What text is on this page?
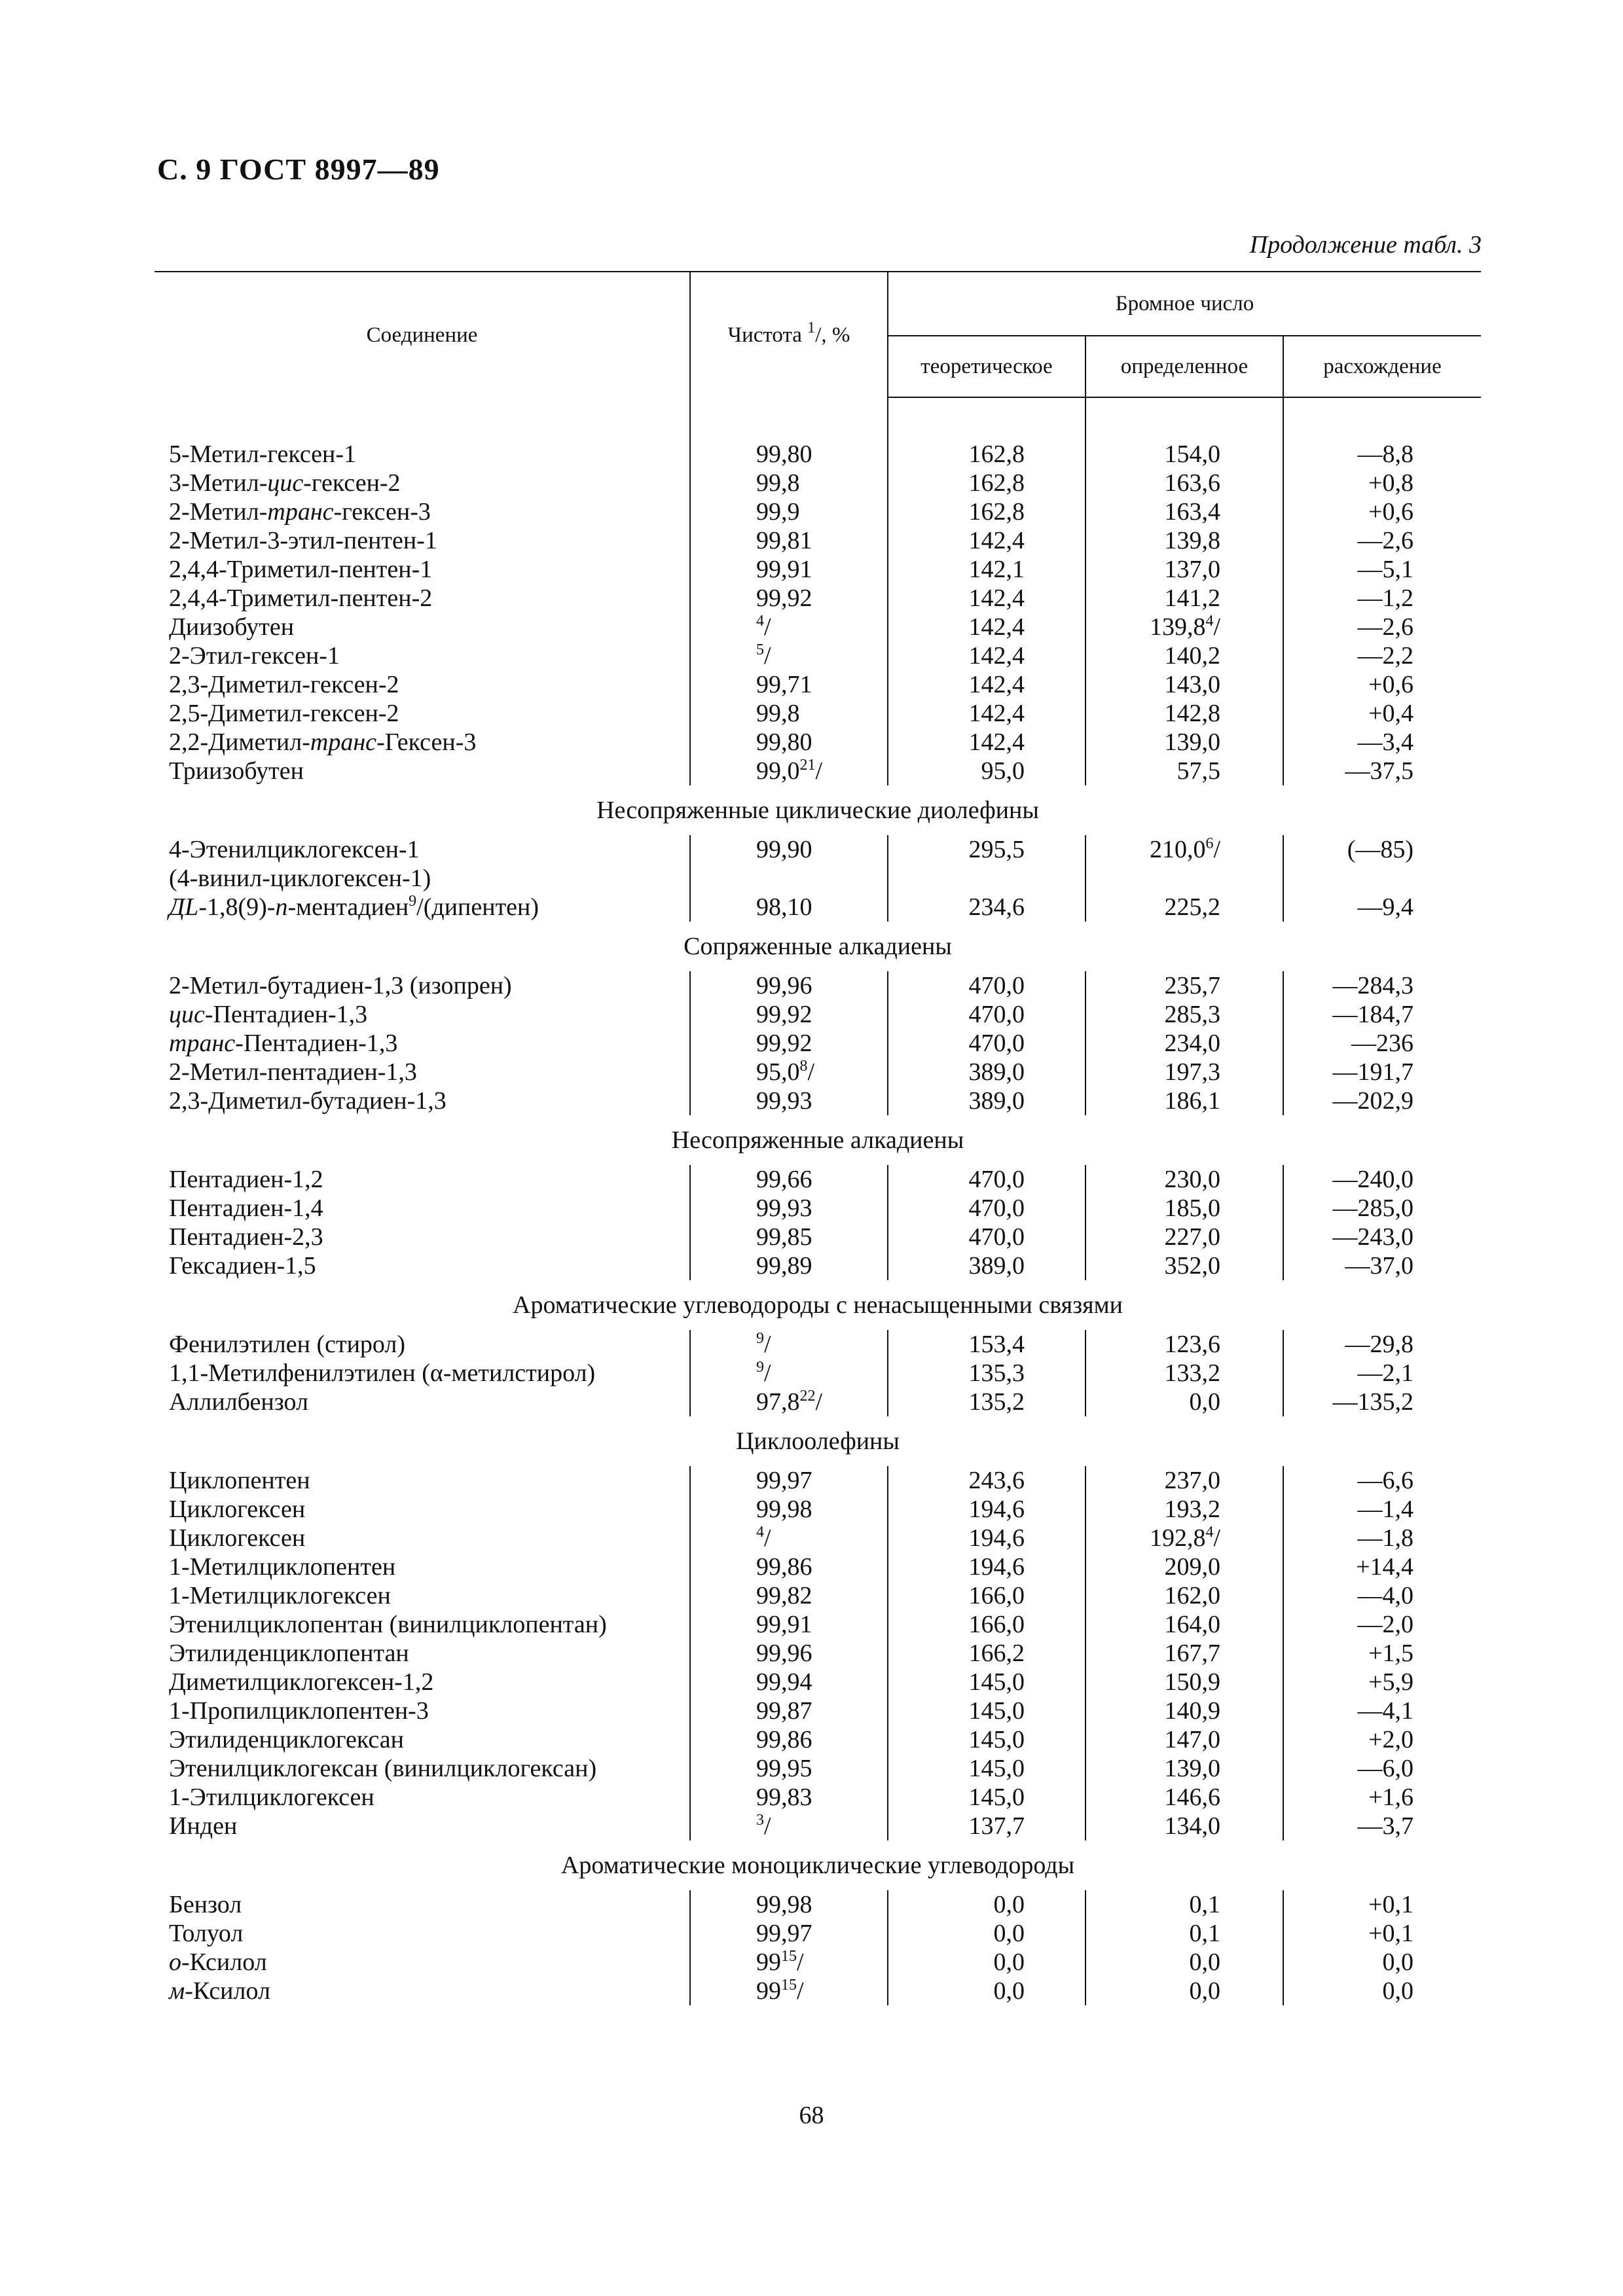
С. 9 ГОСТ 8997—89
Продолжение табл. 3
Соединение	Чистота $^1$/, %	Бромное число		
		теоретическое	определенное	расхождение

5-Метил-гексен-1	99,80	162,8	154,0	—8,8
3-Метил-цис-гексен-2	99,8	162,8	163,6	+0,8
2-Метил-транс-гексен-3	99,9	162,8	163,4	+0,6
2-Метил-3-этил-пентен-1	99,81	142,4	139,8	—2,6
2,4,4-Триметил-пентен-1	99,91	142,1	137,0	—5,1
2,4,4-Триметил-пентен-2	99,92	142,4	141,2	—1,2
Диизобутен	$^4$/	142,4	139,8$^4$/	—2,6
2-Этил-гексен-1	$^5$/	142,4	140,2	—2,2
2,3-Диметил-гексен-2	99,71	142,4	143,0	+0,6
2,5-Диметил-гексен-2	99,8	142,4	142,8	+0,4
2,2-Диметил-транс-Гексен-3	99,80	142,4	139,0	—3,4
Триизобутен	99,0$^{21}$/	95,0	57,5	—37,5
Несопряженные циклические диолефины				
4-Этенилциклогексен-1	99,90	295,5	210,0$^6$/	(—85)
(4-винил-циклогексен-1)				
ДL-1,8(9)-п-ментадиен$^9$/(дипентен)	98,10	234,6	225,2	—9,4
Сопряженные алкадиены				
2-Метил-бутадиен-1,3 (изопрен)	99,96	470,0	235,7	—284,3
цис-Пентадиен-1,3	99,92	470,0	285,3	—184,7
транс-Пентадиен-1,3	99,92	470,0	234,0	—236
2-Метил-пентадиен-1,3	95,0$^8$/	389,0	197,3	—191,7
2,3-Диметил-бутадиен-1,3	99,93	389,0	186,1	—202,9
Несопряженные алкадиены				
Пентадиен-1,2	99,66	470,0	230,0	—240,0
Пентадиен-1,4	99,93	470,0	185,0	—285,0
Пентадиен-2,3	99,85	470,0	227,0	—243,0
Гексадиен-1,5	99,89	389,0	352,0	—37,0
Ароматические углеводороды с ненасыщенными связями				
Фенилэтилен (стирол)	$^9$/	153,4	123,6	—29,8
1,1-Метилфенилэтилен (α-метилстирол)	$^9$/	135,3	133,2	—2,1
Аллилбензол	97,8$^{22}$/	135,2	0,0	—135,2
Циклоолефины				
Циклопентен	99,97	243,6	237,0	—6,6
Циклогексен	99,98	194,6	193,2	—1,4
Циклогексен	$^4$/	194,6	192,8$^4$/	—1,8
1-Метилциклопентен	99,86	194,6	209,0	+14,4
1-Метилциклогексен	99,82	166,0	162,0	—4,0
Этенилциклопентан (винилциклопентан)	99,91	166,0	164,0	—2,0
Этилиденциклопентан	99,96	166,2	167,7	+1,5
Диметилциклогексен-1,2	99,94	145,0	150,9	+5,9
1-Пропилциклопентен-3	99,87	145,0	140,9	—4,1
Этилиденциклогексан	99,86	145,0	147,0	+2,0
Этенилциклогексан (винилциклогексан)	99,95	145,0	139,0	—6,0
1-Этилциклогексен	99,83	145,0	146,6	+1,6
Инден	$^3$/	137,7	134,0	—3,7
Ароматические моноциклические углеводороды				
Бензол	99,98	0,0	0,1	+0,1
Толуол	99,97	0,0	0,1	+0,1
о-Ксилол	$99^{15}/$	0,0	0,0	0,0
м-Ксилол	$99^{15}/$	0,0	0,0	0,0
68
